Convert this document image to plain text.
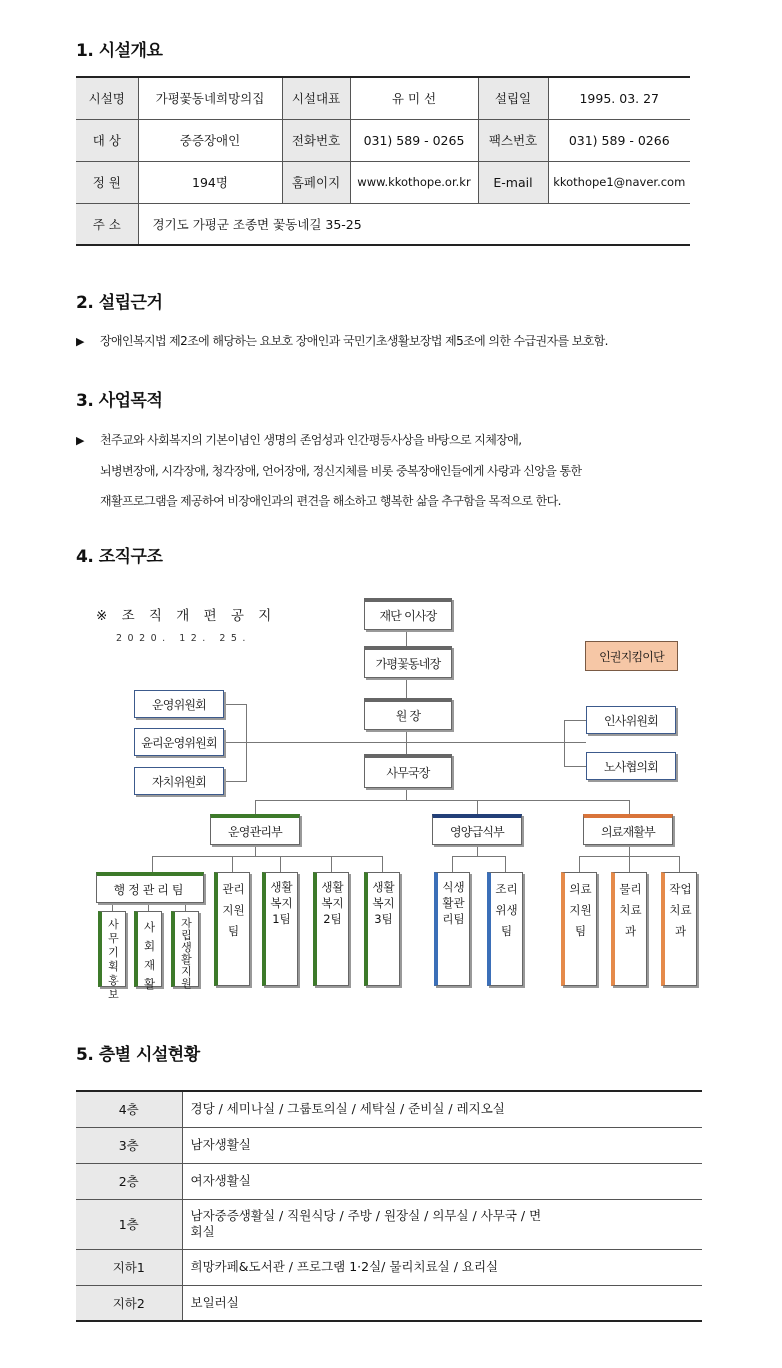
1. 시설개요
시설명	가평꽃동네희망의집	시설대표	유 미 선	설립일	1995. 03. 27
대 상	중증장애인	전화번호	031) 589 - 0265	팩스번호	031) 589 - 0266
정 원	194명	홈페이지	www.kkothope.or.kr	E-mail	kkothope1@naver.com
주 소	경기도 가평군 조종면 꽃동네길 35-25				
2. 설립근거

▶ 장애인복지법 제2조에 해당하는 요보호 장애인과 국민기초생활보장법 제5조에 의한 수급권자를 보호함.

3. 사업목적
▶ 천주교와 사회복지의 기본이념인 생명의 존엄성과 인간평등사상을 바탕으로 지체장애,
뇌병변장애, 시각장애, 청각장애, 언어장애, 정신지체를 비롯 중복장애인들에게 사랑과 신앙을 통한
재활프로그램을 제공하여 비장애인과의 편견을 해소하고 행복한 삶을 추구함을 목적으로 한다.
4. 조직구조
※ 조 직 개 편 공 지
2020. 12. 25.
재단 이사장
가평꽃동네장
원 장
사무국장
인권지킴이단
운영위원회
윤리운영위원회
자치위원회
인사위원회
노사협의회
운영관리부	영양급식부	의료재활부
행정관리팀
사무기획홍보
사회재활
자립생활지원
관리지원팀
생활복지1팀
생활복지2팀
생활복지3팀
식생활관리팀
조리위생팀
의료지원팀
물리치료과
작업치료과
5. 층별 시설현황
4층	경당 / 세미나실 / 그룹토의실 / 세탁실 / 준비실 / 레지오실
3층	남자생활실
2층	여자생활실
1층	남자중증생활실 / 직원식당 / 주방 / 원장실 / 의무실 / 사무국 / 면회실
지하1	희망카페&도서관 / 프로그램 1·2실/ 물리치료실 / 요리실
지하2	보일러실
